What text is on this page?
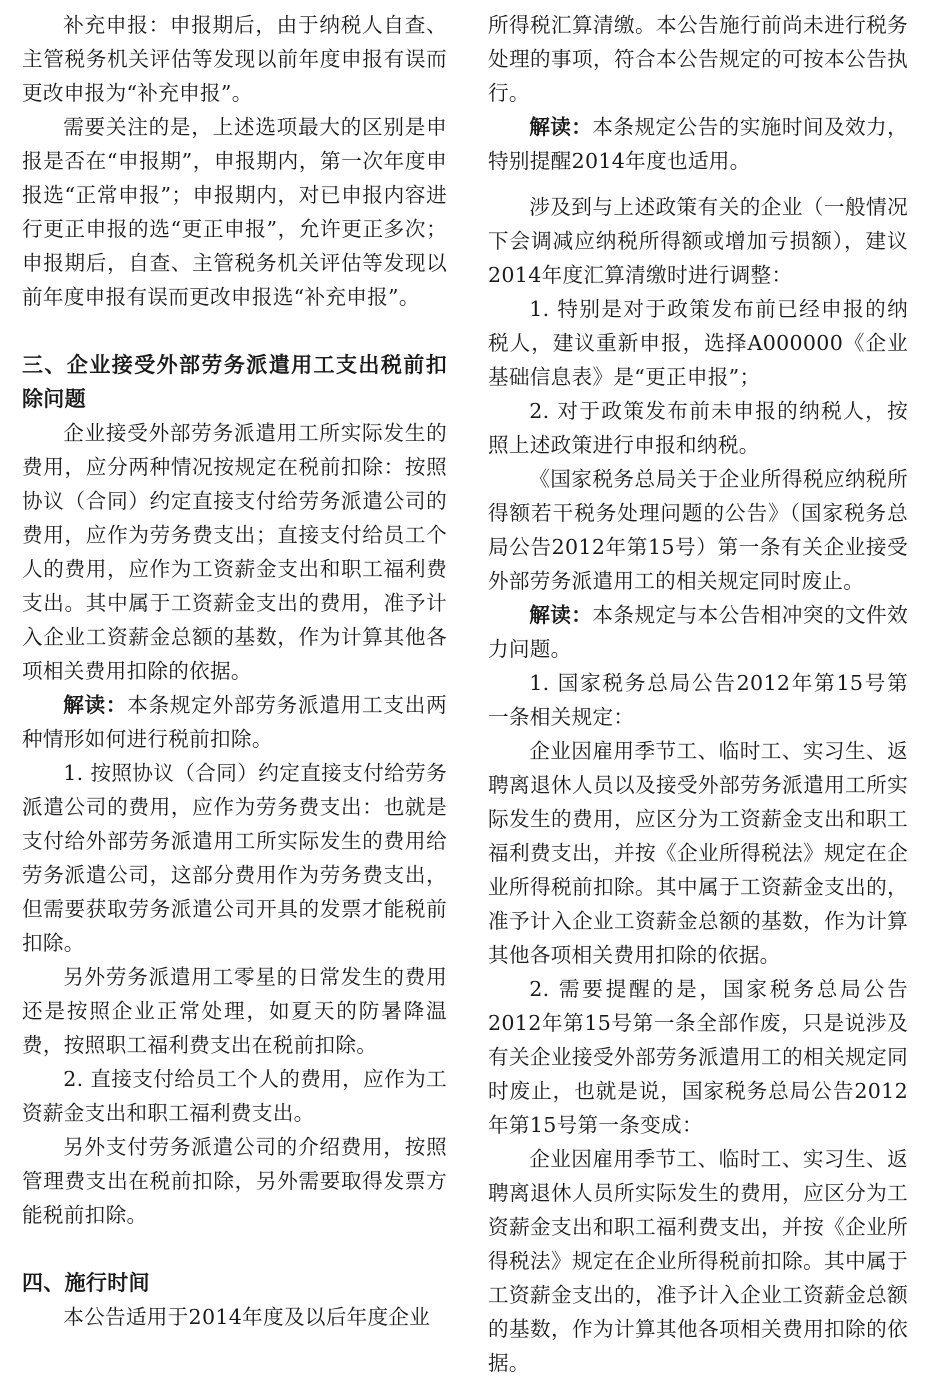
补充申报：申报期后，由于纳税人自查、主管税务机关评估等发现以前年度申报有误而更改申报为“补充申报”。

需要关注的是，上述选项最大的区别是申报是否在“申报期”，申报期内，第一次年度申报选“正常申报”；申报期内，对已申报内容进行更正申报的选“更正申报”，允许更正多次；申报期后，自查、主管税务机关评估等发现以前年度申报有误而更改申报选“补充申报”。

三、企业接受外部劳务派遣用工支出税前扣除问题

企业接受外部劳务派遣用工所实际发生的费用，应分两种情况按规定在税前扣除：按照协议（合同）约定直接支付给劳务派遣公司的费用，应作为劳务费支出；直接支付给员工个人的费用，应作为工资薪金支出和职工福利费支出。其中属于工资薪金支出的费用，准予计入企业工资薪金总额的基数，作为计算其他各项相关费用扣除的依据。

解读：本条规定外部劳务派遣用工支出两种情形如何进行税前扣除。

1. 按照协议（合同）约定直接支付给劳务派遣公司的费用，应作为劳务费支出：也就是支付给外部劳务派遣用工所实际发生的费用给劳务派遣公司，这部分费用作为劳务费支出，但需要获取劳务派遣公司开具的发票才能税前扣除。

另外劳务派遣用工零星的日常发生的费用还是按照企业正常处理，如夏天的防暑降温费，按照职工福利费支出在税前扣除。

2. 直接支付给员工个人的费用，应作为工资薪金支出和职工福利费支出。

另外支付劳务派遣公司的介绍费用，按照管理费支出在税前扣除，另外需要取得发票方能税前扣除。

四、施行时间

本公告适用于2014年度及以后年度企业

所得税汇算清缴。本公告施行前尚未进行税务处理的事项，符合本公告规定的可按本公告执行。

解读：本条规定公告的实施时间及效力，特别提醒2014年度也适用。

涉及到与上述政策有关的企业（一般情况下会调减应纳税所得额或增加亏损额），建议2014年度汇算清缴时进行调整：

1. 特别是对于政策发布前已经申报的纳税人，建议重新申报，选择A000000《企业基础信息表》是“更正申报”；

2. 对于政策发布前未申报的纳税人，按照上述政策进行申报和纳税。

《国家税务总局关于企业所得税应纳税所得额若干税务处理问题的公告》（国家税务总局公告2012年第15号）第一条有关企业接受外部劳务派遣用工的相关规定同时废止。

解读：本条规定与本公告相冲突的文件效力问题。

1. 国家税务总局公告2012年第15号第一条相关规定：

企业因雇用季节工、临时工、实习生、返聘离退休人员以及接受外部劳务派遣用工所实际发生的费用，应区分为工资薪金支出和职工福利费支出，并按《企业所得税法》规定在企业所得税前扣除。其中属于工资薪金支出的，准予计入企业工资薪金总额的基数，作为计算其他各项相关费用扣除的依据。

2. 需要提醒的是，国家税务总局公告2012年第15号第一条全部作废，只是说涉及有关企业接受外部劳务派遣用工的相关规定同时废止，也就是说，国家税务总局公告2012年第15号第一条变成：

企业因雇用季节工、临时工、实习生、返聘离退休人员所实际发生的费用，应区分为工资薪金支出和职工福利费支出，并按《企业所得税法》规定在企业所得税前扣除。其中属于工资薪金支出的，准予计入企业工资薪金总额的基数，作为计算其他各项相关费用扣除的依据。
